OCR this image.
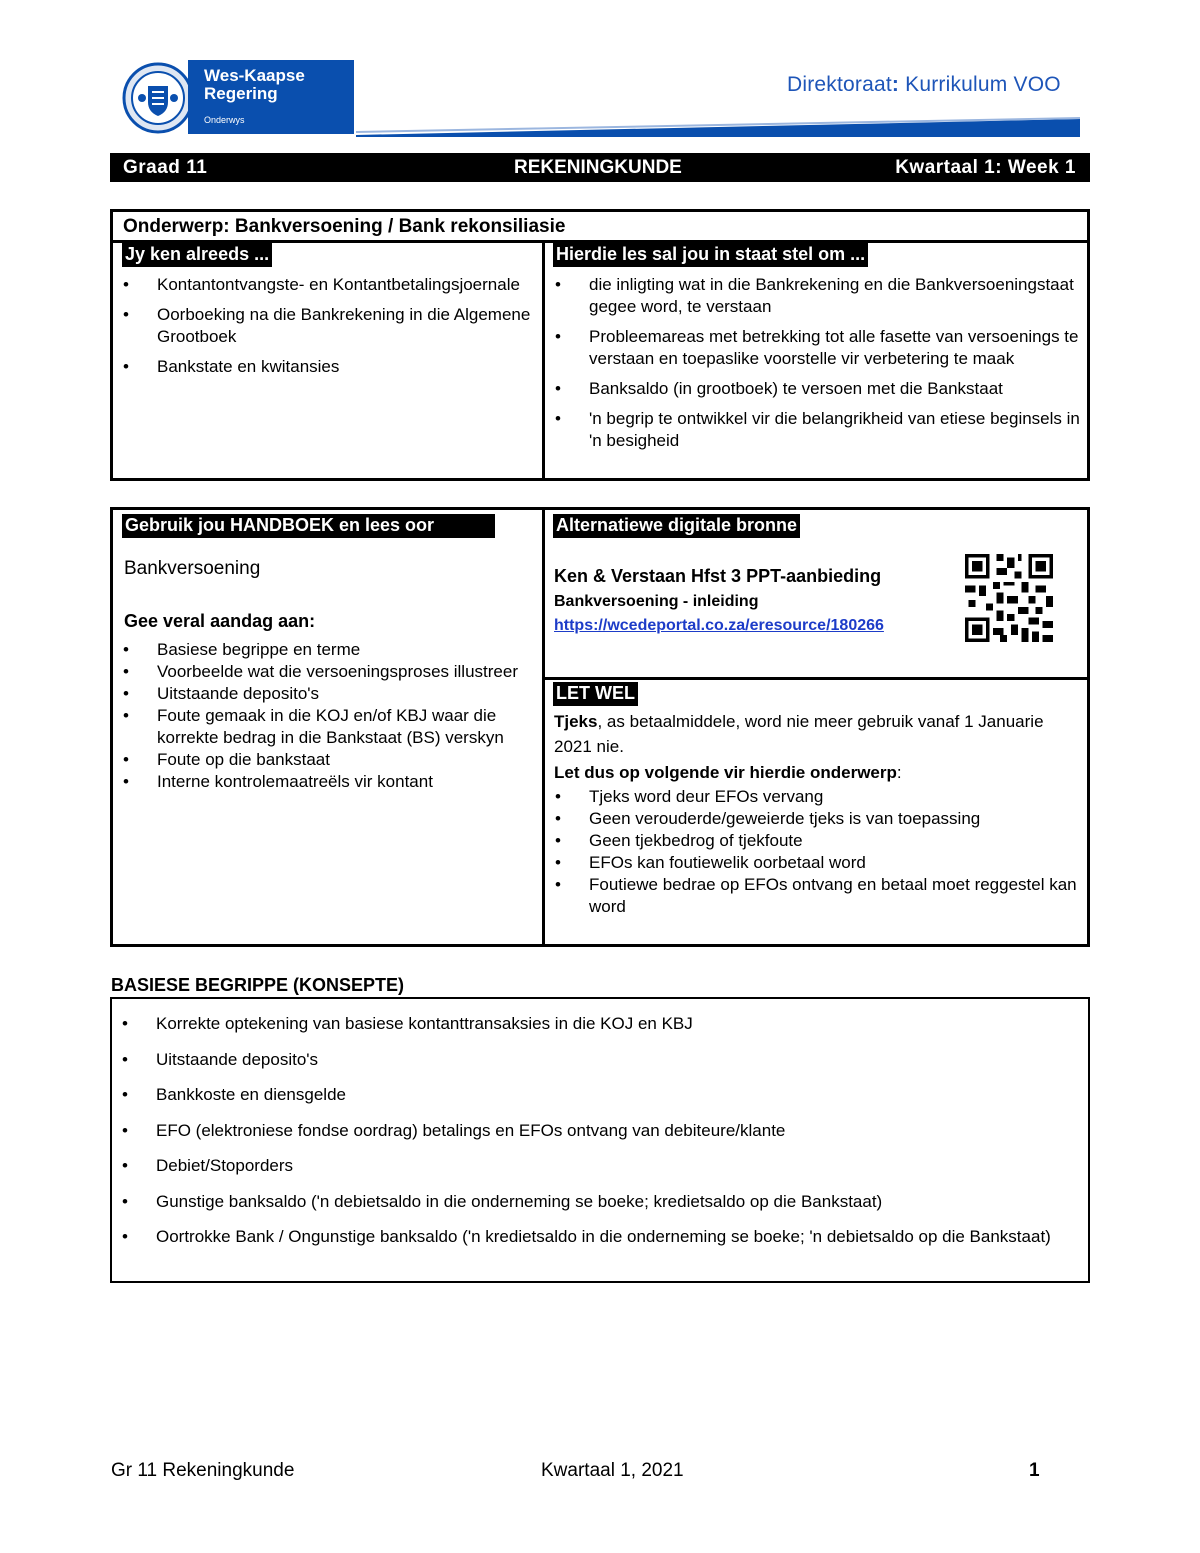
Wes-Kaapse
Regering
Onderwys
Direktoraat: Kurrikulum VOO
Graad 11	REKENINGKUNDE	Kwartaal 1: Week 1
Onderwerp: Bankversoening / Bank rekonsiliasie
Jy ken alreeds ...	Hierdie les sal jou in staat stel om ...
• Kontantontvangste- en Kontantbetalingsjoernale
• Oorboeking na die Bankrekening in die Algemene Grootboek
• Bankstate en kwitansies
• die inligting wat in die Bankrekening en die Bankversoeningstaat gegee word, te verstaan
• Probleemareas met betrekking tot alle fasette van versoenings te verstaan en toepaslike voorstelle vir verbetering te maak
• Banksaldo (in grootboek) te versoen met die Bankstaat
• 'n begrip te ontwikkel vir die belangrikheid van etiese beginsels in 'n besigheid
Gebruik jou HANDBOEK en lees oor
Bankversoening
Gee veral aandag aan:
• Basiese begrippe en terme
• Voorbeelde wat die versoeningsproses illustreer
• Uitstaande deposito's
• Foute gemaak in die KOJ en/of KBJ waar die korrekte bedrag in die Bankstaat (BS) verskyn
• Foute op die bankstaat
• Interne kontrolemaatreëls vir kontant
Alternatiewe digitale bronne
Ken & Verstaan Hfst 3 PPT-aanbieding
Bankversoening - inleiding
https://wcedeportal.co.za/eresource/180266
LET WEL
Tjeks, as betaalmiddele, word nie meer gebruik vanaf 1 Januarie 2021 nie.
Let dus op volgende vir hierdie onderwerp:
• Tjeks word deur EFOs vervang
• Geen verouderde/geweierde tjeks is van toepassing
• Geen tjekbedrog of tjekfoute
• EFOs kan foutiewelik oorbetaal word
• Foutiewe bedrae op EFOs ontvang en betaal moet reggestel kan word
BASIESE BEGRIPPE (KONSEPTE)
• Korrekte optekening van basiese kontanttransaksies in die KOJ en KBJ
• Uitstaande deposito's
• Bankkoste en diensgelde
• EFO (elektroniese fondse oordrag) betalings en EFOs ontvang van debiteure/klante
• Debiet/Stoporders
• Gunstige banksaldo ('n debietsaldo in die onderneming se boeke; kredietsaldo op die Bankstaat)
• Oortrokke Bank / Ongunstige banksaldo ('n kredietsaldo in die onderneming se boeke; 'n debietsaldo op die Bankstaat)
Gr 11 Rekeningkunde	Kwartaal 1, 2021	1
